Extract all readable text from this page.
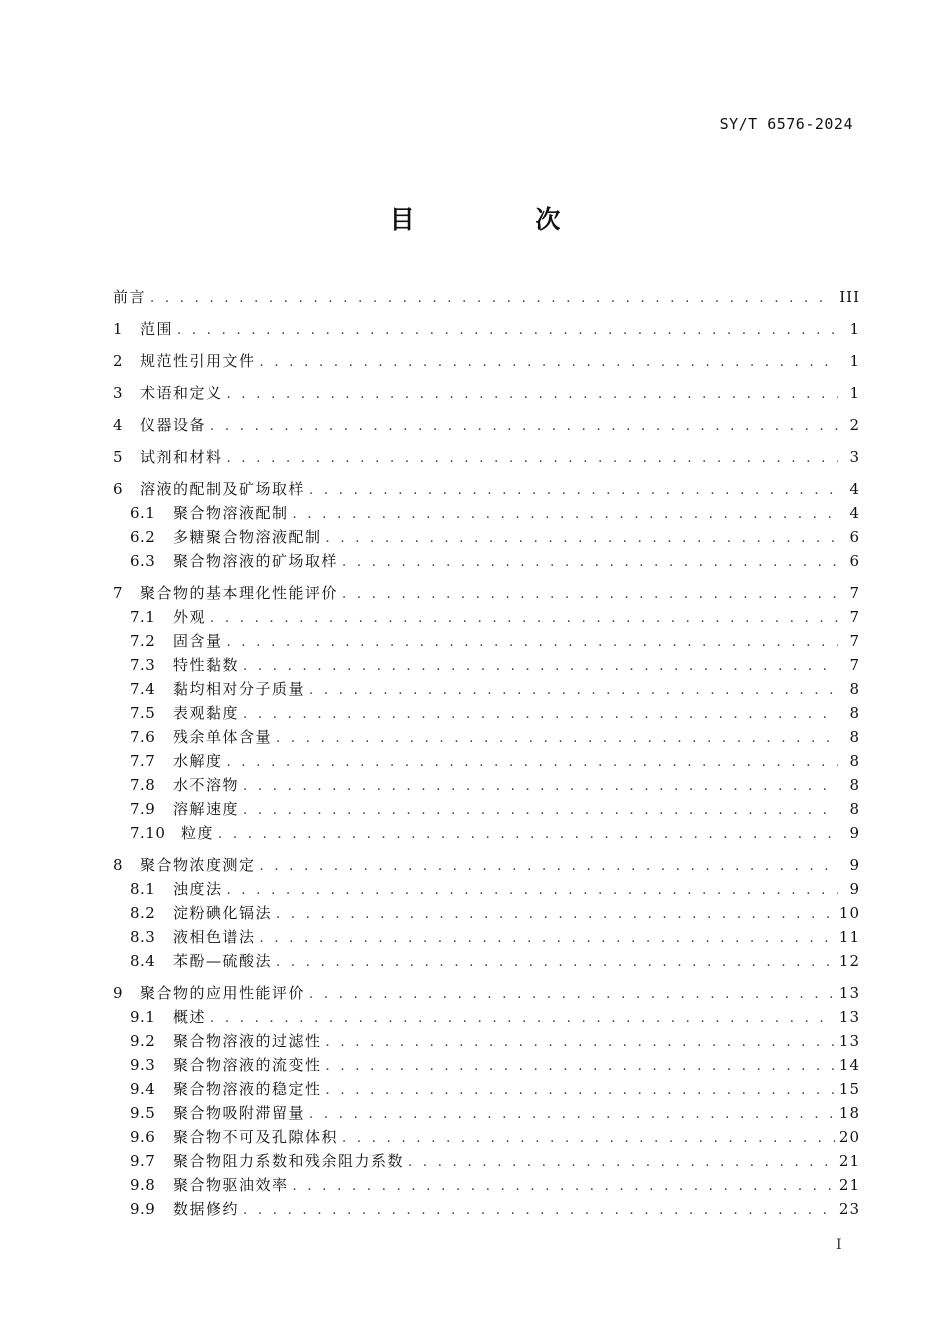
SY/T 6576-2024
目 次
前言 . . .	III
1	范围 . . .	1
2	规范性引用文件 . . .	1
3	术语和定义 . . .	1
4	仪器设备 . . .	2
5	试剂和材料 . . .	3
6	溶液的配制及矿场取样 . . .	4
6.1	聚合物溶液配制 . . .	4
6.2	多糖聚合物溶液配制 . . .	6
6.3	聚合物溶液的矿场取样 . . .	6
7	聚合物的基本理化性能评价 . . .	7
7.1	外观 . . .	7
7.2	固含量 . . .	7
7.3	特性黏数 . . .	7
7.4	黏均相对分子质量 . . .	8
7.5	表观黏度 . . .	8
7.6	残余单体含量 . . .	8
7.7	水解度 . . .	8
7.8	水不溶物 . . .	8
7.9	溶解速度 . . .	8
7.10	粒度 . . .	9
8	聚合物浓度测定 . . .	9
8.1	浊度法 . . .	9
8.2	淀粉碘化镉法 . . .	10
8.3	液相色谱法 . . .	11
8.4	苯酚—硫酸法 . . .	12
9	聚合物的应用性能评价 . . .	13
9.1	概述 . . .	13
9.2	聚合物溶液的过滤性 . . .	13
9.3	聚合物溶液的流变性 . . .	14
9.4	聚合物溶液的稳定性 . . .	15
9.5	聚合物吸附滞留量 . . .	18
9.6	聚合物不可及孔隙体积 . . .	20
9.7	聚合物阻力系数和残余阻力系数 . . .	21
9.8	聚合物驱油效率 . . .	21
9.9	数据修约 . . .	23
I
